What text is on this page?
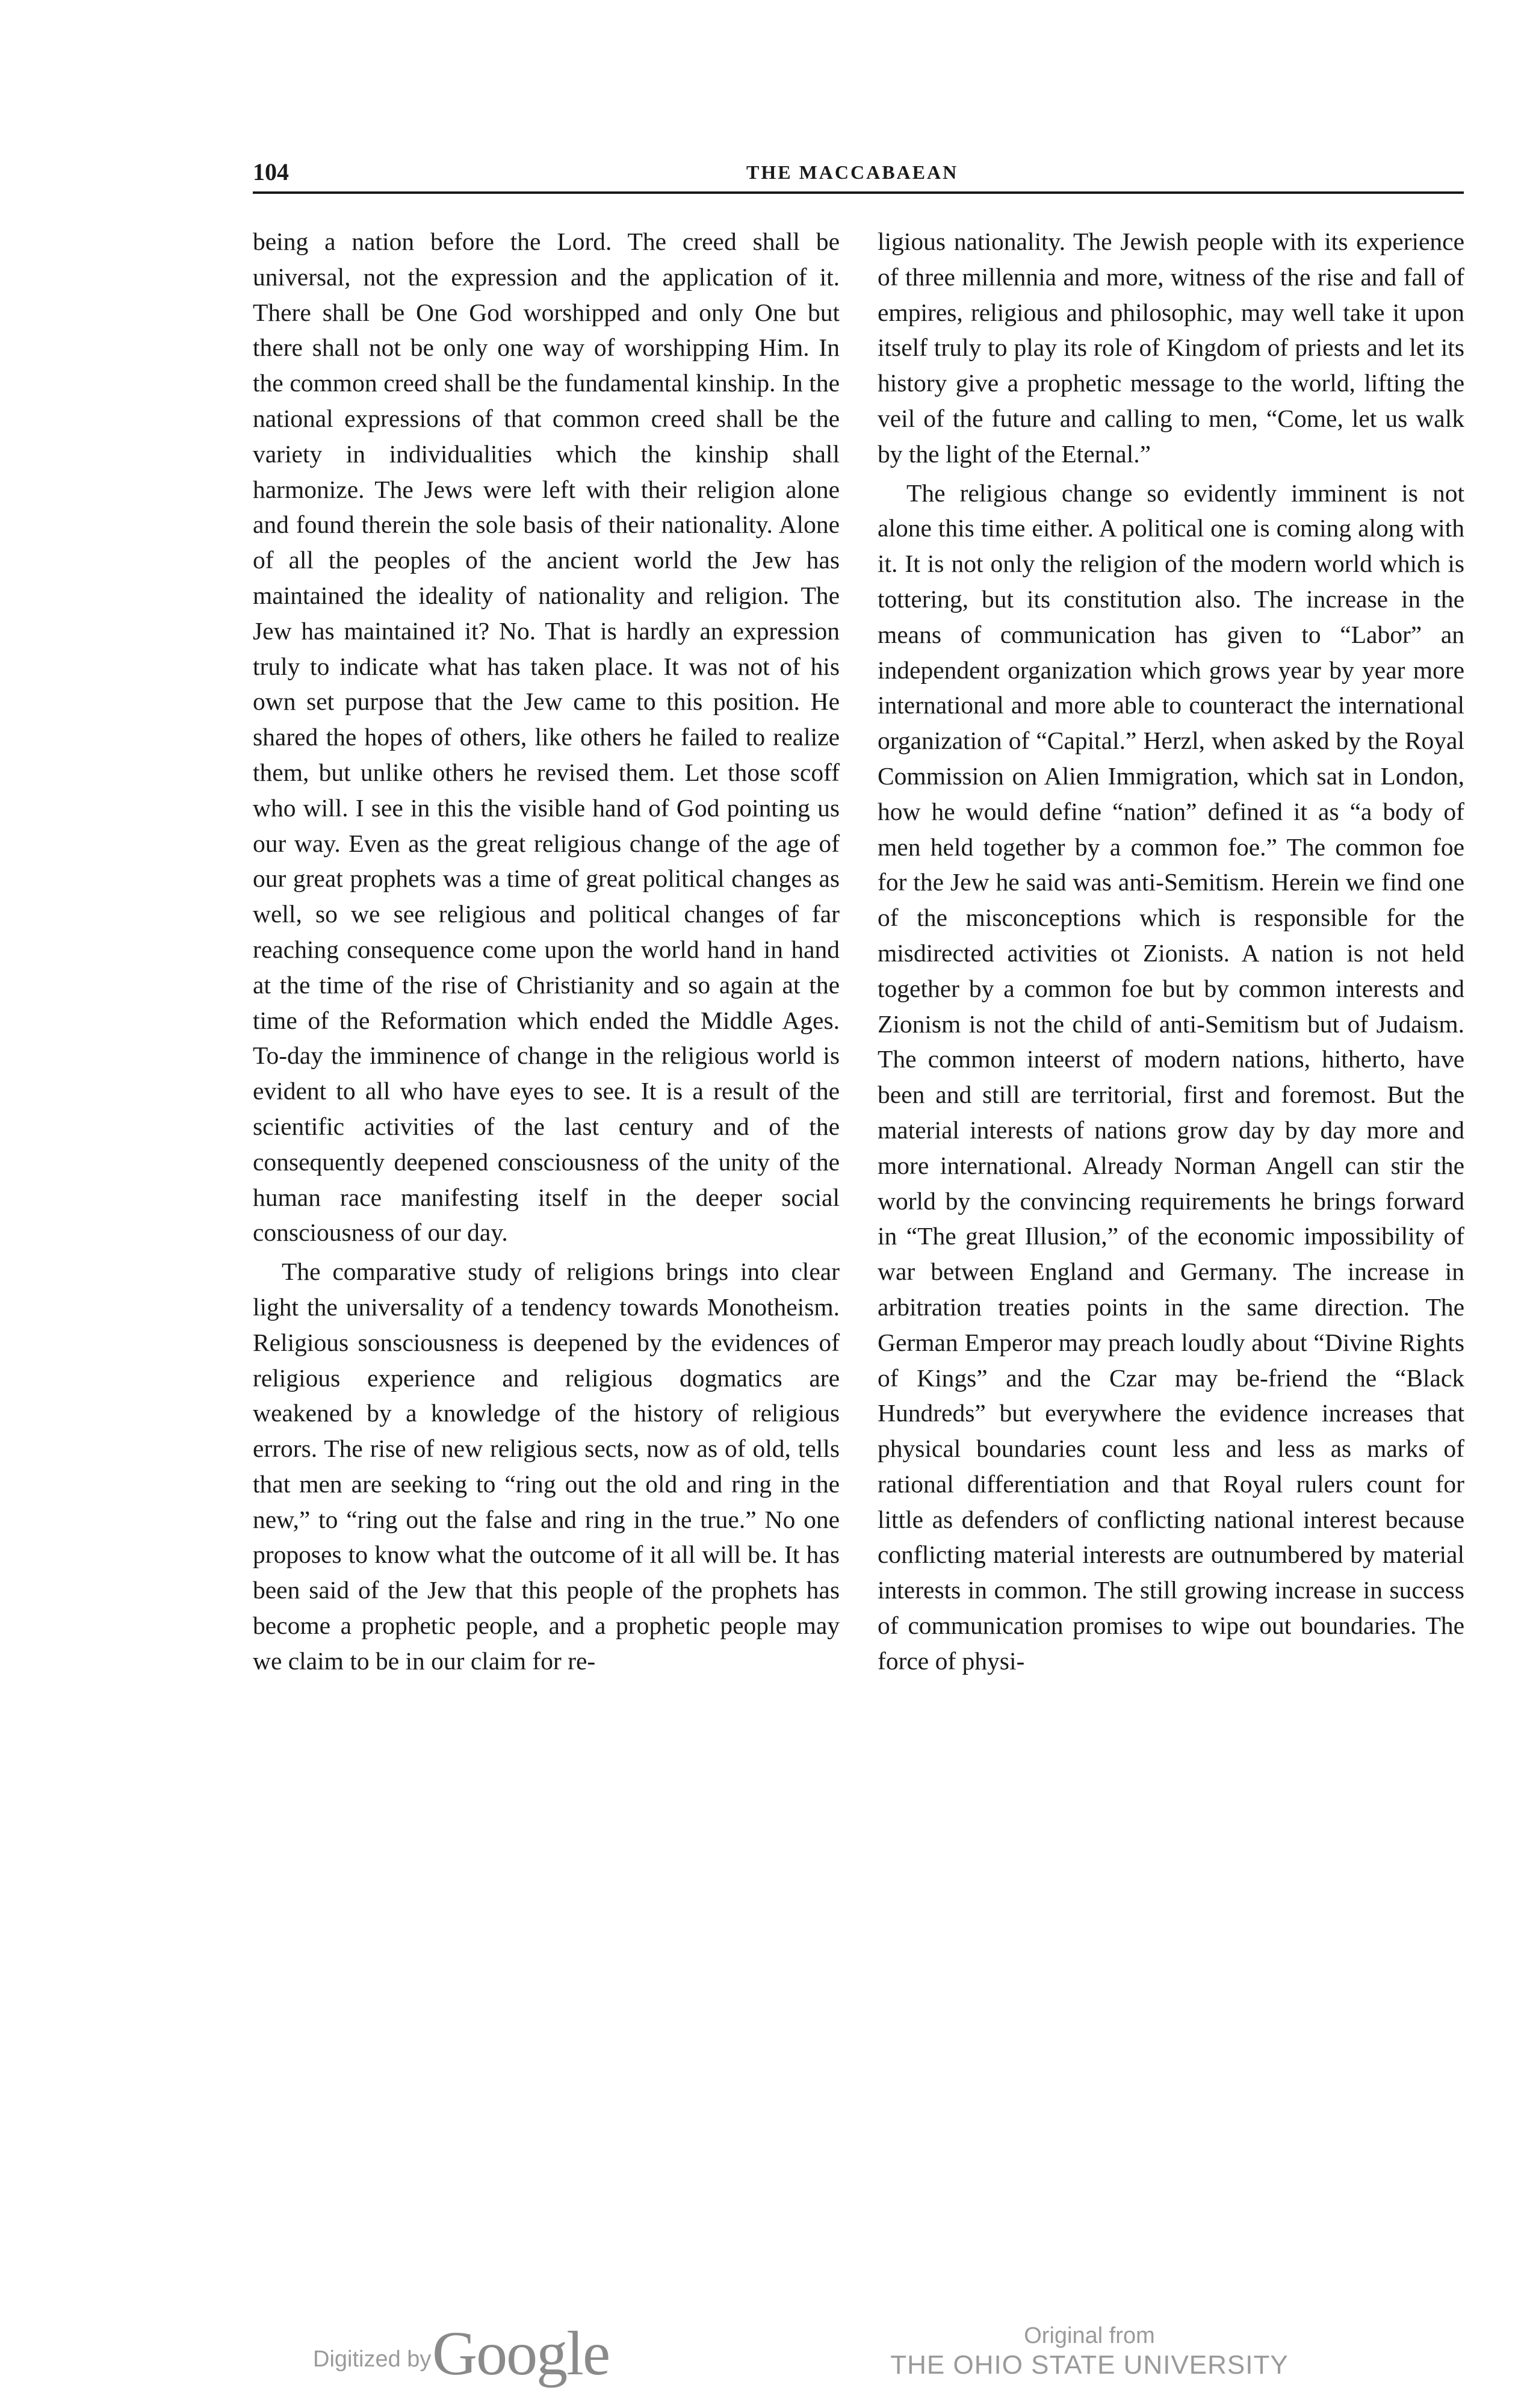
104	THE MACCABAEAN

being a nation before the Lord. The creed shall be universal, not the expression and the application of it. There shall be One God worshipped and only One but there shall not be only one way of worshipping Him. In the common creed shall be the fundamental kinship. In the national expressions of that common creed shall be the variety in individualities which the kinship shall harmonize. The Jews were left with their religion alone and found therein the sole basis of their nationality. Alone of all the peoples of the ancient world the Jew has maintained the ideality of nationality and religion. The Jew has maintained it? No. That is hardly an expression truly to indicate what has taken place. It was not of his own set purpose that the Jew came to this position. He shared the hopes of others, like others he failed to realize them, but unlike others he revised them. Let those scoff who will. I see in this the visible hand of God pointing us our way. Even as the great religious change of the age of our great prophets was a time of great political changes as well, so we see religious and political changes of far reaching consequence come upon the world hand in hand at the time of the rise of Christianity and so again at the time of the Reformation which ended the Middle Ages. To-day the imminence of change in the religious world is evident to all who have eyes to see. It is a result of the scientific activities of the last century and of the consequently deepened consciousness of the unity of the human race manifesting itself in the deeper social consciousness of our day.

The comparative study of religions brings into clear light the universality of a tendency towards Monotheism. Religious sonsciousness is deepened by the evidences of religious experience and religious dogmatics are weakened by a knowledge of the history of religious errors. The rise of new religious sects, now as of old, tells that men are seeking to “ring out the old and ring in the new,” to “ring out the false and ring in the true.” No one proposes to know what the outcome of it all will be. It has been said of the Jew that this people of the prophets has become a prophetic people, and a prophetic people may we claim to be in our claim for re-

ligious nationality. The Jewish people with its experience of three millennia and more, witness of the rise and fall of empires, religious and philosophic, may well take it upon itself truly to play its role of Kingdom of priests and let its history give a prophetic message to the world, lifting the veil of the future and calling to men, “Come, let us walk by the light of the Eternal.”

The religious change so evidently imminent is not alone this time either. A political one is coming along with it. It is not only the religion of the modern world which is tottering, but its constitution also. The increase in the means of communication has given to “Labor” an independent organization which grows year by year more international and more able to counteract the international organization of “Capital.” Herzl, when asked by the Royal Commission on Alien Immigration, which sat in London, how he would define “nation” defined it as “a body of men held together by a common foe.” The common foe for the Jew he said was anti-Semitism. Herein we find one of the misconceptions which is responsible for the misdirected activities ot Zionists. A nation is not held together by a common foe but by common interests and Zionism is not the child of anti-Semitism but of Judaism. The common inteerst of modern nations, hitherto, have been and still are territorial, first and foremost. But the material interests of nations grow day by day more and more international. Already Norman Angell can stir the world by the convincing requirements he brings forward in “The great Illusion,” of the economic impossibility of war between England and Germany. The increase in arbitration treaties points in the same direction. The German Emperor may preach loudly about “Divine Rights of Kings” and the Czar may be-friend the “Black Hundreds” but everywhere the evidence increases that physical boundaries count less and less as marks of rational differentiation and that Royal rulers count for little as defenders of conflicting national interest because conflicting material interests are outnumbered by material interests in common. The still growing increase in success of communication promises to wipe out boundaries. The force of physi-

Digitized by Google	Original from
THE OHIO STATE UNIVERSITY
